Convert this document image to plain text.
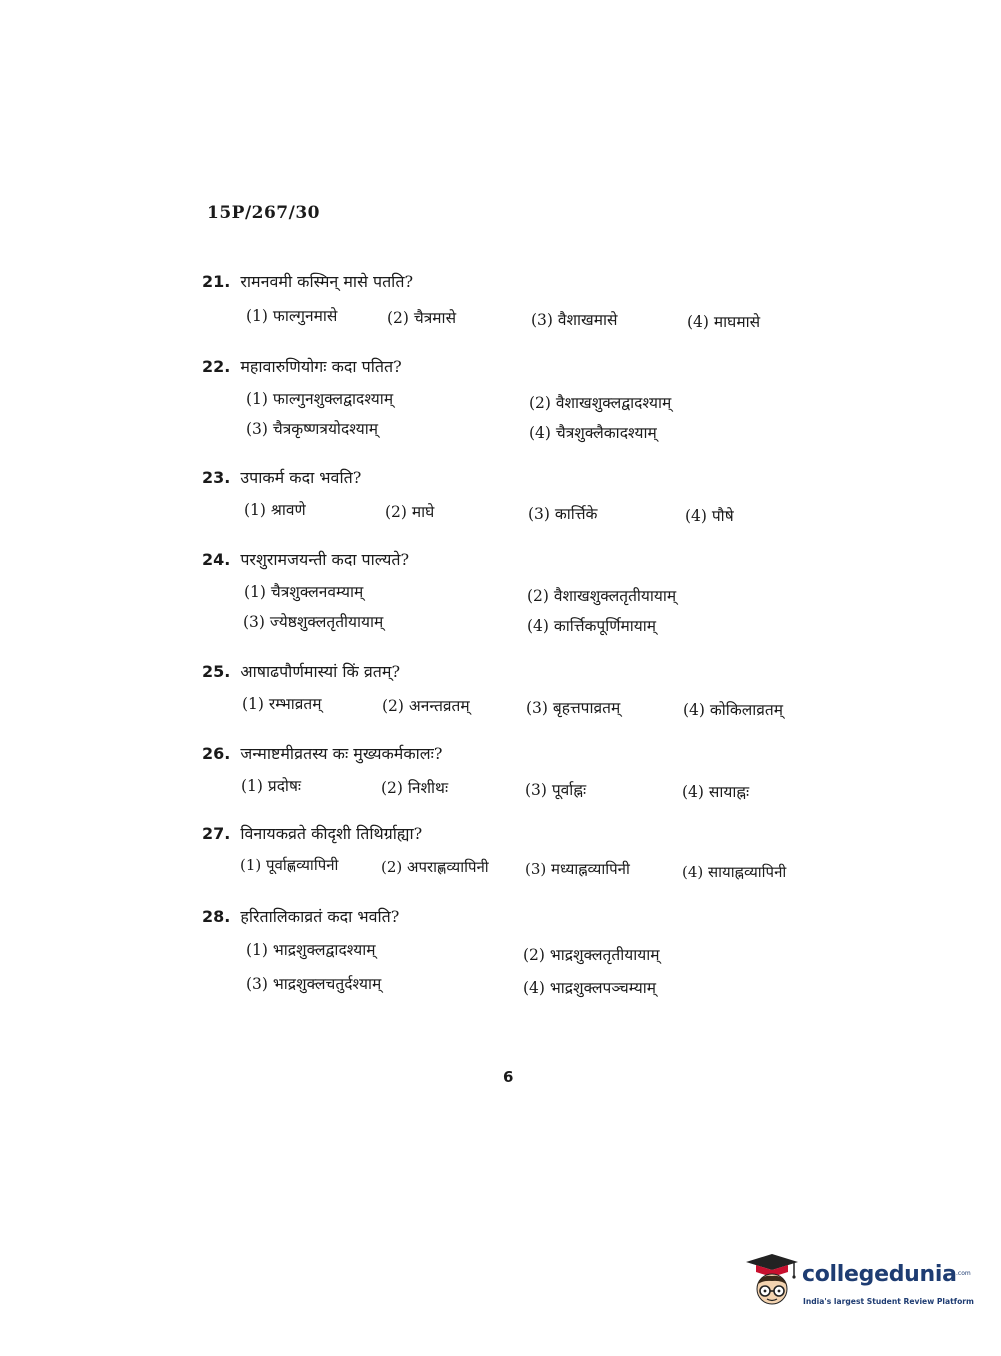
15P/267/30
21. रामनवमी कस्मिन् मासे पतति?
(1) फाल्गुनमासे	(2) चैत्रमासे	(3) वैशाखमासे	(4) माघमासे
22. महावारुणियोगः कदा पतित?
(1) फाल्गुनशुक्लद्वादश्याम्	(2) वैशाखशुक्लद्वादश्याम्
(3) चैत्रकृष्णत्रयोदश्याम्	(4) चैत्रशुक्लैकादश्याम्
23. उपाकर्म कदा भवति?
(1) श्रावणे	(2) माघे	(3) कार्त्तिके	(4) पौषे
24. परशुरामजयन्ती कदा पाल्यते?
(1) चैत्रशुक्लनवम्याम्	(2) वैशाखशुक्लतृतीयायाम्
(3) ज्येष्ठशुक्लतृतीयायाम्	(4) कार्त्तिकपूर्णिमायाम्
25. आषाढपौर्णमास्यां किं व्रतम्?
(1) रम्भाव्रतम्	(2) अनन्तव्रतम्	(3) बृहत्तपाव्रतम्	(4) कोकिलाव्रतम्
26. जन्माष्टमीव्रतस्य कः मुख्यकर्मकालः?
(1) प्रदोषः	(2) निशीथः	(3) पूर्वाह्नः	(4) सायाह्नः
27. विनायकव्रते कीदृशी तिथिर्ग्राह्या?
(1) पूर्वाह्णव्यापिनी	(2) अपराह्णव्यापिनी (3) मध्याह्नव्यापिनी	(4) सायाह्नव्यापिनी
28. हरितालिकाव्रतं कदा भवति?
(1) भाद्रशुक्लद्वादश्याम्	(2) भाद्रशुक्लतृतीयायाम्
(3) भाद्रशुक्लचतुर्दश्याम्	(4) भाद्रशुक्लपञ्चम्याम्
6
collegedunia .com
India's largest Student Review Platform
